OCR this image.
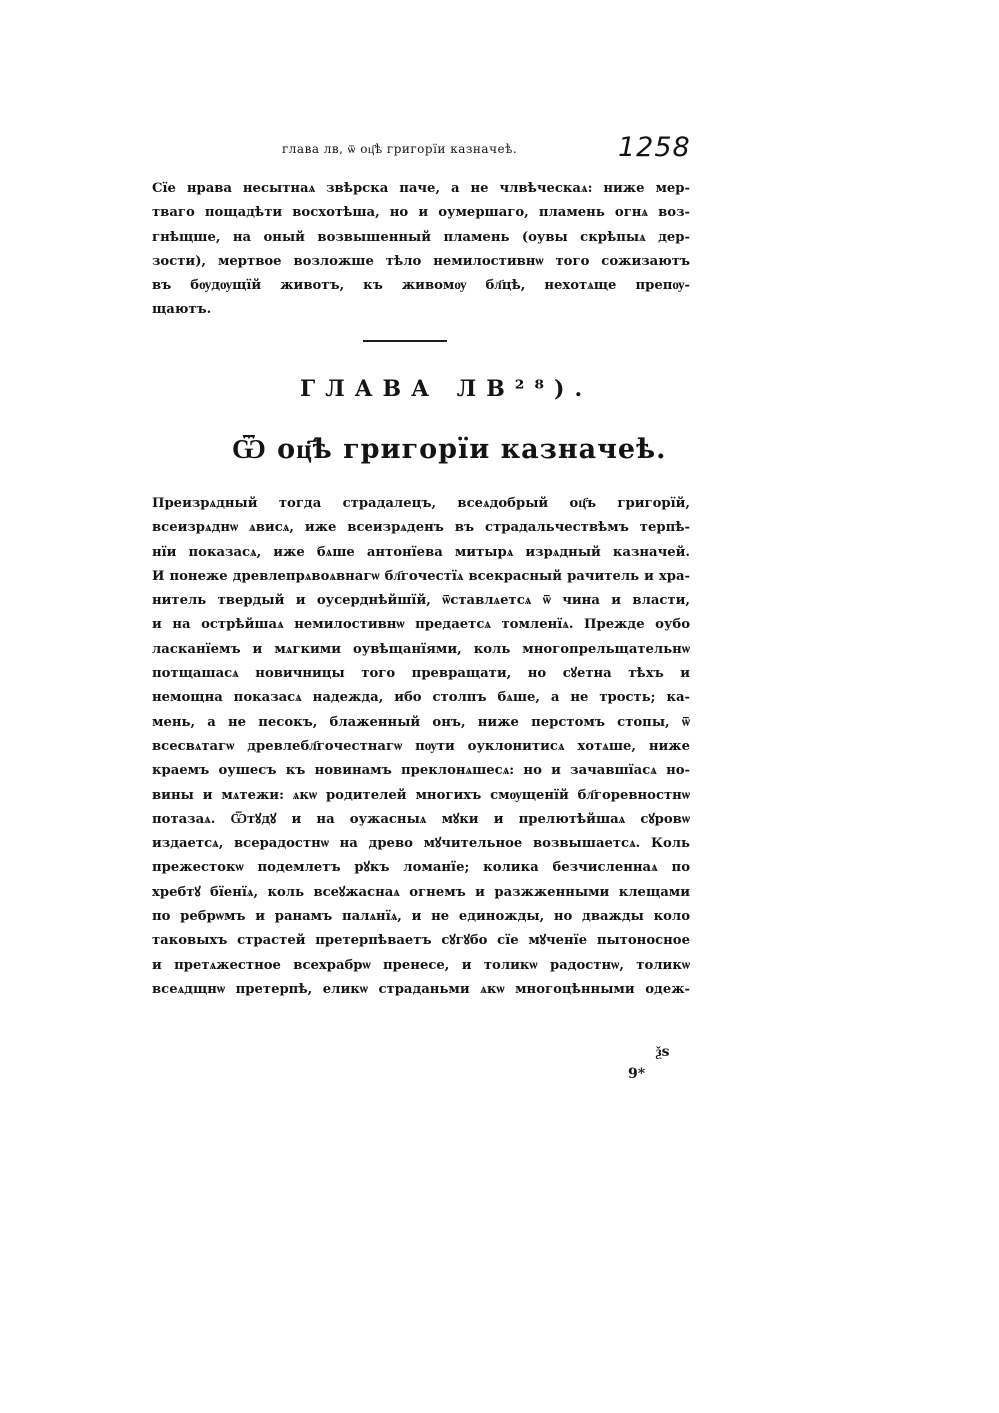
глава лв, ѿ оц҃ѣ григорїи казначеѣ.	1258
Сїе нрава несытнаѧ звѣрска паче, а не члвѣческаѧ: ниже мер-
тваго пощадѣти восхотѣша, но и оумершаго, пламень огнѧ воз-
гнѣщше, на оный возвышенный пламень (оувы скрѣпыѧ дер-
зости), мертвое возложше тѣло немилостивнѡ того сожизаютъ
въ бѹдѹщїй животъ, къ живомѹ бл҃цѣ, нехотѧще препѹ-
щаютъ.
ГЛАВА ЛВ²⁸).
Ѿ оц҃ѣ григорїи казначеѣ.
Преизрѧдный тогда страдалецъ, всеѧдобрый оц҃ъ григорїй,
всеизрѧднѡ ѧвисѧ, иже всеизрѧденъ въ страдальчествѣмъ терпѣ-
нїи показасѧ, иже бѧше антонїева митырѧ изрѧдный казначей.
И понеже древлепрѧвоѧвнагѡ бл҃гочестїѧ всекрасный рачитель и хра-
нитель твердый и оусерднѣйшїй, ѿставлѧетсѧ ѿ чина и власти,
и на острѣйшаѧ немилостивнѡ предаетсѧ томленїѧ. Прежде оубо
ласканїемъ и мѧгкими оувѣщанїями, коль многопрельщательнѡ
потщашасѧ новичницы того превращати, но сꙋетна тѣхъ и
немощна показасѧ надежда, ибо столпъ бѧше, а не трость; ка-
мень, а не песокъ, блаженный онъ, ниже перстомъ стопы, ѿ
всесвѧтагѡ древлебл҃гочестнагѡ пѹти оуклонитисѧ хотѧше, ниже
краемъ оушесъ къ новинамъ преклонѧшесѧ: но и зачавшїасѧ но-
вины и мѧтежи: ѧкѡ родителей многихъ смѹщенїй бл҃горевностнѡ
потазаѧ. Ѿтꙋдꙋ и на оужасныѧ мꙋки и прелютѣйшаѧ сꙋровѡ
издаетсѧ, всерадостнѡ на древо мꙋчительное возвышаетсѧ. Коль
прежестокѡ подемлетъ рꙋкъ ломанїе; колика безчисленнаѧ по
хребтꙋ бїенїѧ, коль всеꙋжаснаѧ огнемъ и разжженными клещами
по ребрѡмъ и ранамъ палѧнїѧ, и не единожды, но дважды коло
таковыхъ страстей претерпѣваетъ сꙋгꙋбо сїе мꙋченїе пытоносное
и претѧжестное всехрабрѡ пренесе, и толикѡ радостнѡ, толикѡ
всеѧдщнѡ претерпѣ, еликѡ страданьми ѧкѡ многоцѣнными одеж-
ѯѕ
9*
